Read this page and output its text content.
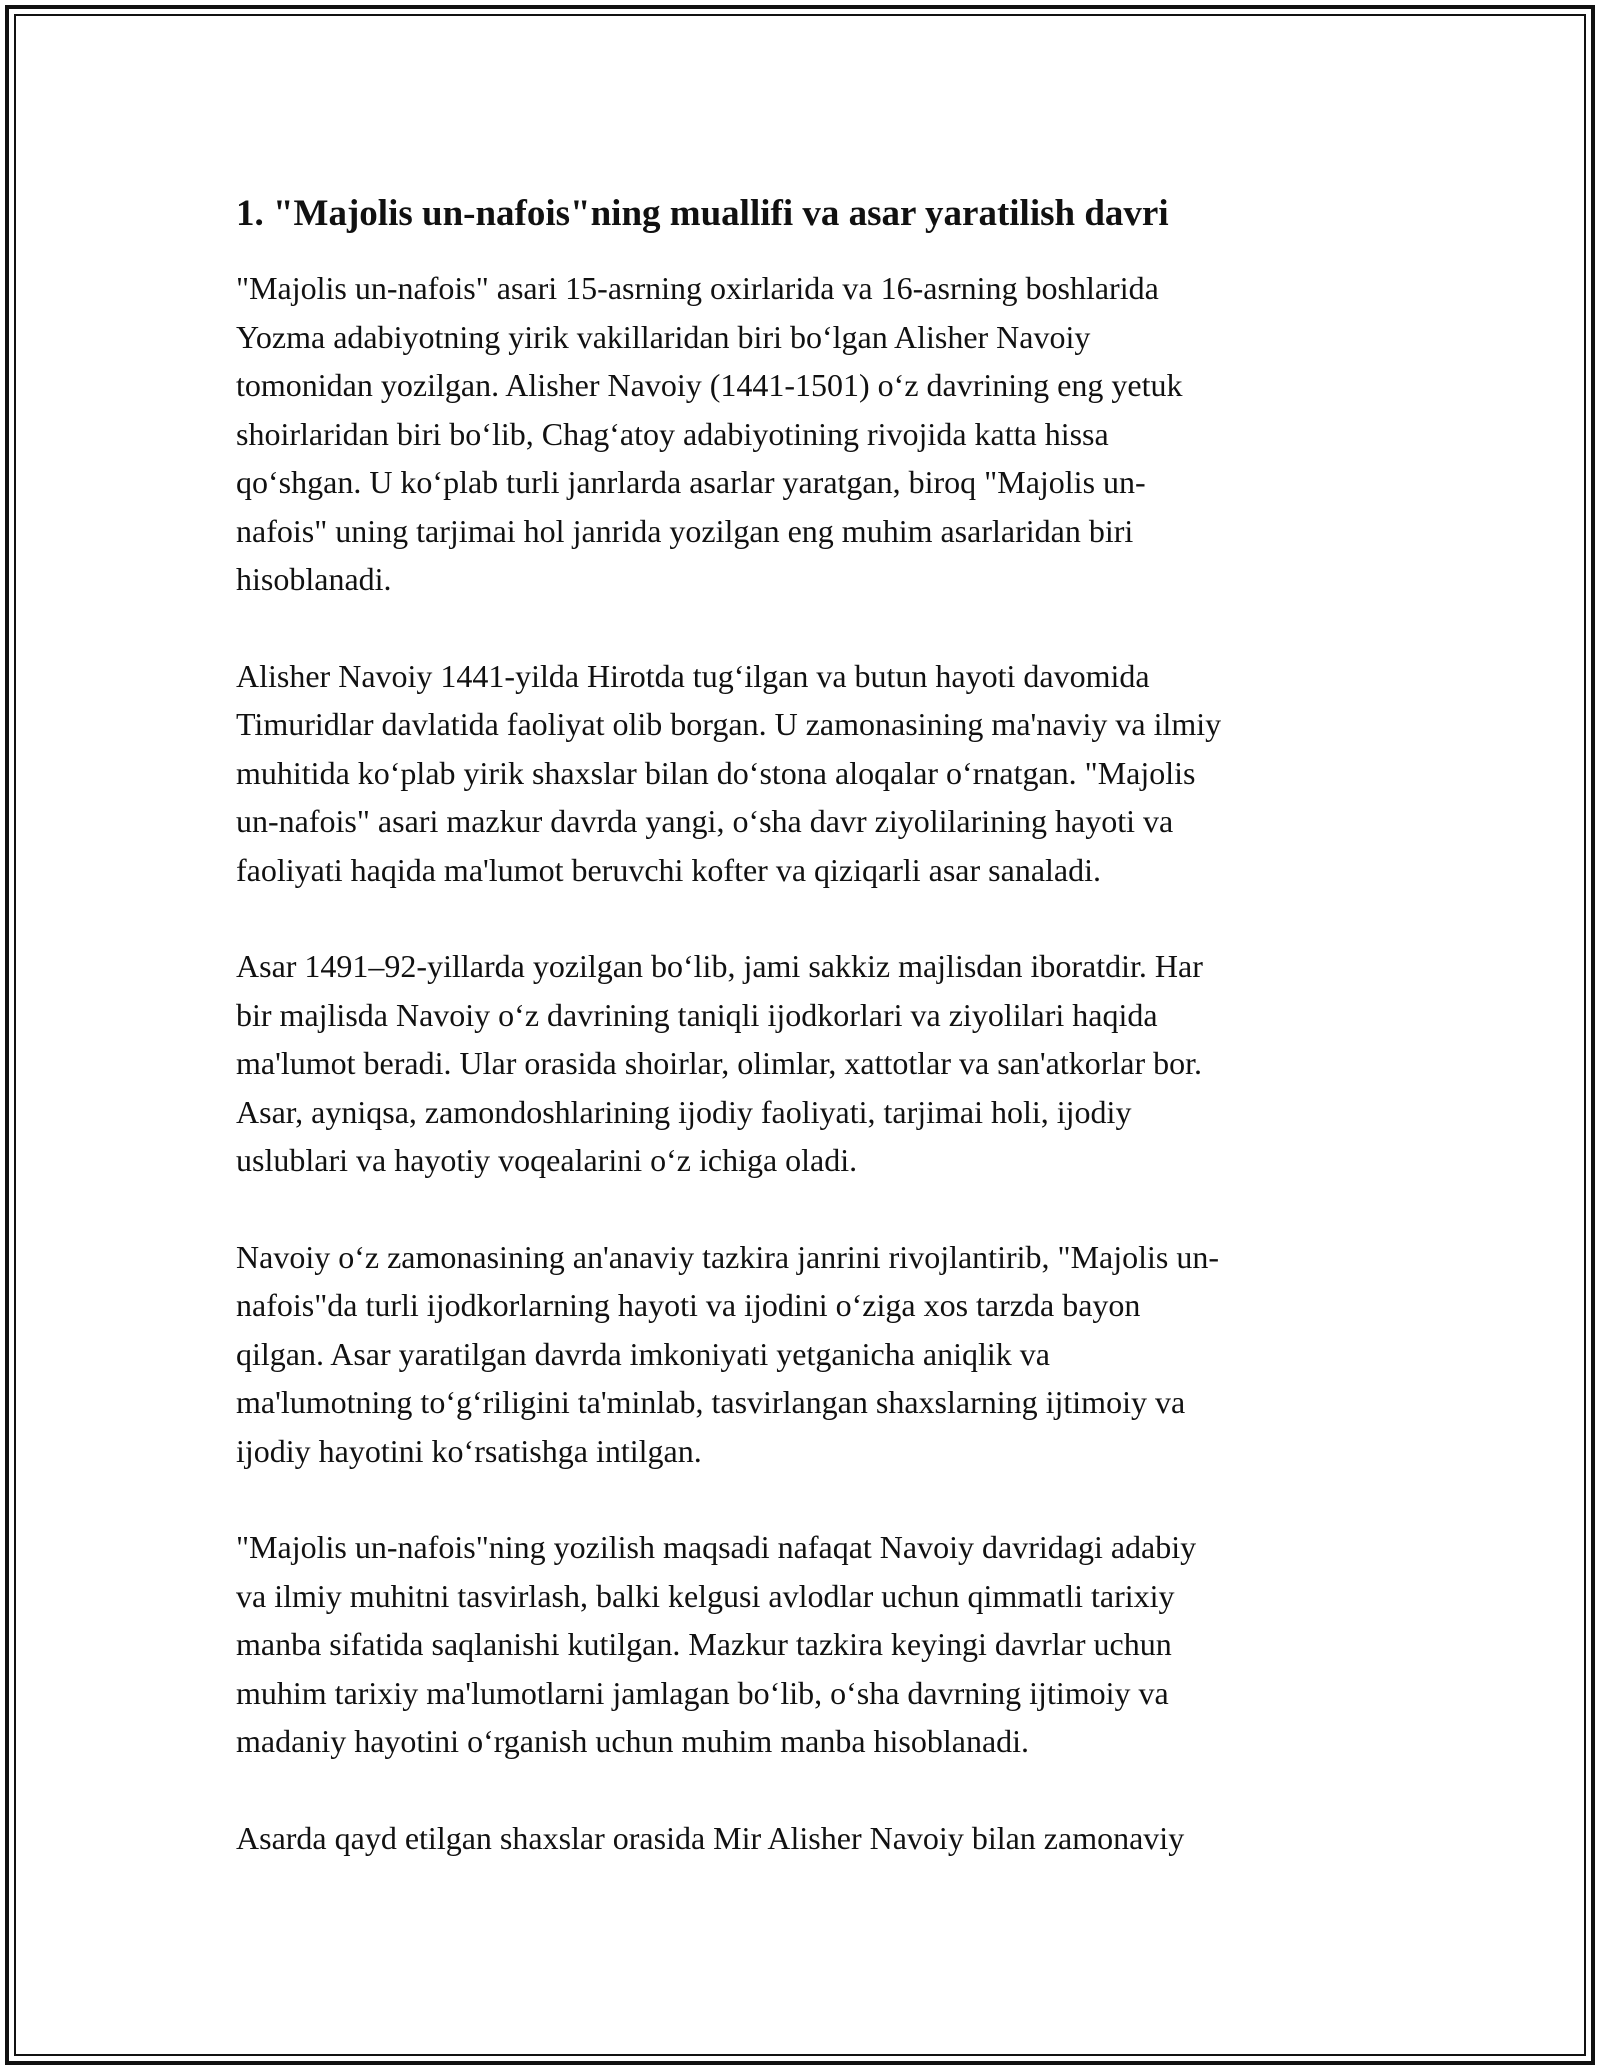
1. "Majolis un-nafois"ning muallifi va asar yaratilish davri

"Majolis un-nafois" asari 15-asrning oxirlarida va 16-asrning boshlarida
Yozma adabiyotning yirik vakillaridan biri boʻlgan Alisher Navoiy
tomonidan yozilgan. Alisher Navoiy (1441-1501) oʻz davrining eng yetuk
shoirlaridan biri boʻlib, Chagʻatoy adabiyotining rivojida katta hissa
qoʻshgan. U koʻplab turli janrlarda asarlar yaratgan, biroq "Majolis un-
nafois" uning tarjimai hol janrida yozilgan eng muhim asarlaridan biri
hisoblanadi.

Alisher Navoiy 1441-yilda Hirotda tugʻilgan va butun hayoti davomida
Timuridlar davlatida faoliyat olib borgan. U zamonasining ma'naviy va ilmiy
muhitida koʻplab yirik shaxslar bilan doʻstona aloqalar oʻrnatgan. "Majolis
un-nafois" asari mazkur davrda yangi, oʻsha davr ziyolilarining hayoti va
faoliyati haqida ma'lumot beruvchi kofter va qiziqarli asar sanaladi.

Asar 1491–92-yillarda yozilgan boʻlib, jami sakkiz majlisdan iboratdir. Har
bir majlisda Navoiy oʻz davrining taniqli ijodkorlari va ziyolilari haqida
ma'lumot beradi. Ular orasida shoirlar, olimlar, xattotlar va san'atkorlar bor.
Asar, ayniqsa, zamondoshlarining ijodiy faoliyati, tarjimai holi, ijodiy
uslublari va hayotiy voqealarini oʻz ichiga oladi.

Navoiy oʻz zamonasining an'anaviy tazkira janrini rivojlantirib, "Majolis un-
nafois"da turli ijodkorlarning hayoti va ijodini oʻziga xos tarzda bayon
qilgan. Asar yaratilgan davrda imkoniyati yetganicha aniqlik va
ma'lumotning toʻgʻriligini ta'minlab, tasvirlangan shaxslarning ijtimoiy va
ijodiy hayotini koʻrsatishga intilgan.

"Majolis un-nafois"ning yozilish maqsadi nafaqat Navoiy davridagi adabiy
va ilmiy muhitni tasvirlash, balki kelgusi avlodlar uchun qimmatli tarixiy
manba sifatida saqlanishi kutilgan. Mazkur tazkira keyingi davrlar uchun
muhim tarixiy ma'lumotlarni jamlagan boʻlib, oʻsha davrning ijtimoiy va
madaniy hayotini oʻrganish uchun muhim manba hisoblanadi.

Asarda qayd etilgan shaxslar orasida Mir Alisher Navoiy bilan zamonaviy
